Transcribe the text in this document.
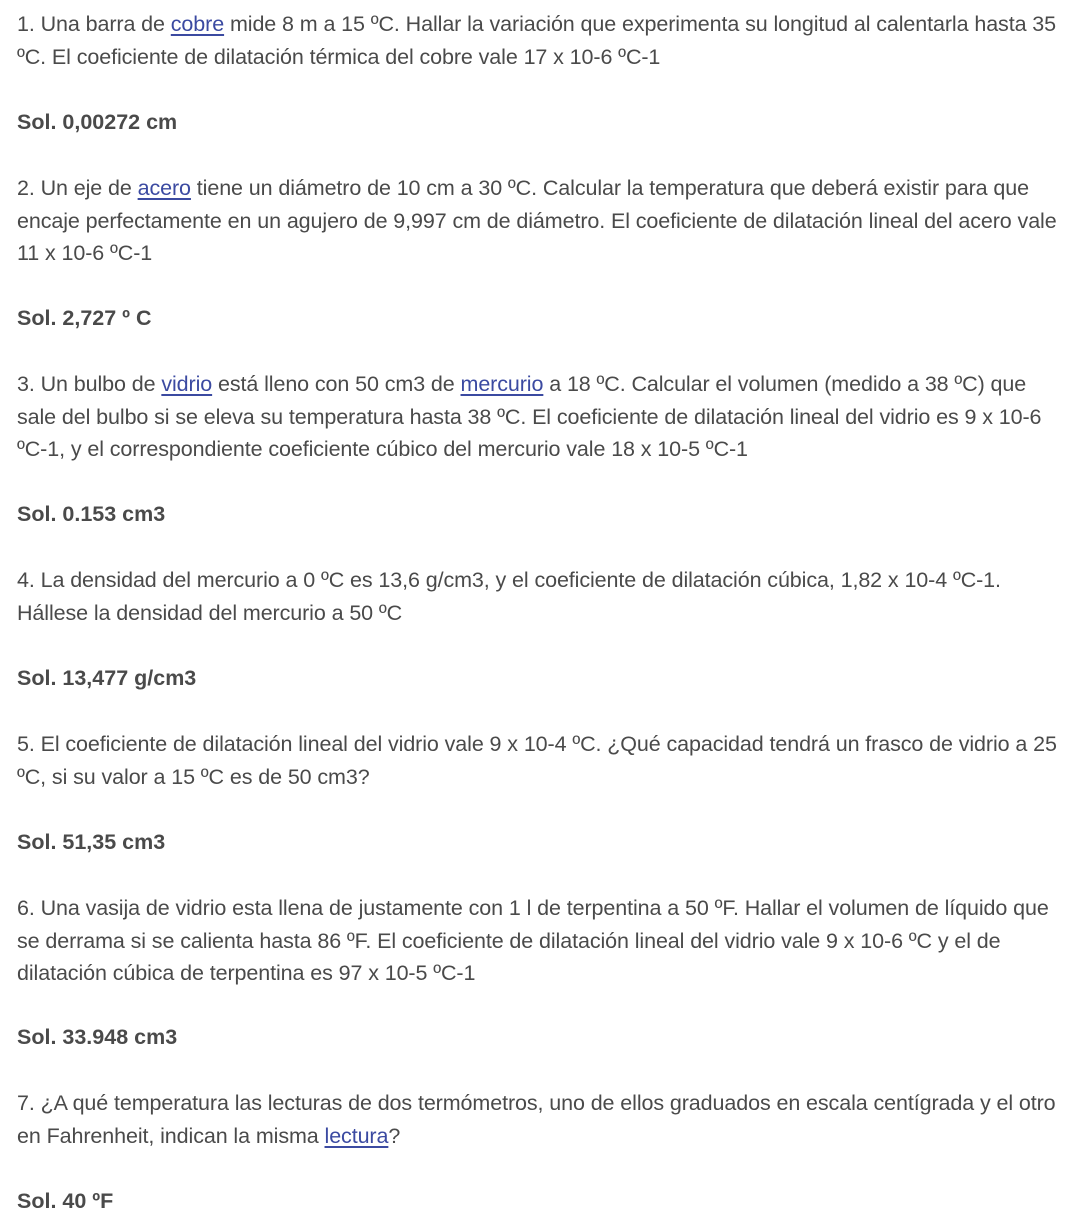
1. Una barra de cobre mide 8 m a 15 ºC. Hallar la variación que experimenta su longitud al calentarla hasta 35 ºC. El coeficiente de dilatación térmica del cobre vale 17 x 10-6 ºC-1
Sol. 0,00272 cm
2. Un eje de acero tiene un diámetro de 10 cm a 30 ºC. Calcular la temperatura que deberá existir para que encaje perfectamente en un agujero de 9,997 cm de diámetro. El coeficiente de dilatación lineal del acero vale 11 x 10-6 ºC-1
Sol. 2,727 º C
3. Un bulbo de vidrio está lleno con 50 cm3 de mercurio a 18 ºC. Calcular el volumen (medido a 38 ºC) que sale del bulbo si se eleva su temperatura hasta 38 ºC. El coeficiente de dilatación lineal del vidrio es 9 x 10-6 ºC-1, y el correspondiente coeficiente cúbico del mercurio vale 18 x 10-5 ºC-1
Sol. 0.153 cm3
4. La densidad del mercurio a 0 ºC es 13,6 g/cm3, y el coeficiente de dilatación cúbica, 1,82 x 10-4 ºC-1. Hállese la densidad del mercurio a 50 ºC
Sol. 13,477 g/cm3
5. El coeficiente de dilatación lineal del vidrio vale 9 x 10-4 ºC. ¿Qué capacidad tendrá un frasco de vidrio a 25 ºC, si su valor a 15 ºC es de 50 cm3?
Sol. 51,35 cm3
6. Una vasija de vidrio esta llena de justamente con 1 l de terpentina a 50 ºF. Hallar el volumen de líquido que se derrama si se calienta hasta 86 ºF. El coeficiente de dilatación lineal del vidrio vale 9 x 10-6 ºC y el de dilatación cúbica de terpentina es 97 x 10-5 ºC-1
Sol. 33.948 cm3
7. ¿A qué temperatura las lecturas de dos termómetros, uno de ellos graduados en escala centígrada y el otro en Fahrenheit, indican la misma lectura?
Sol. 40 ºF
